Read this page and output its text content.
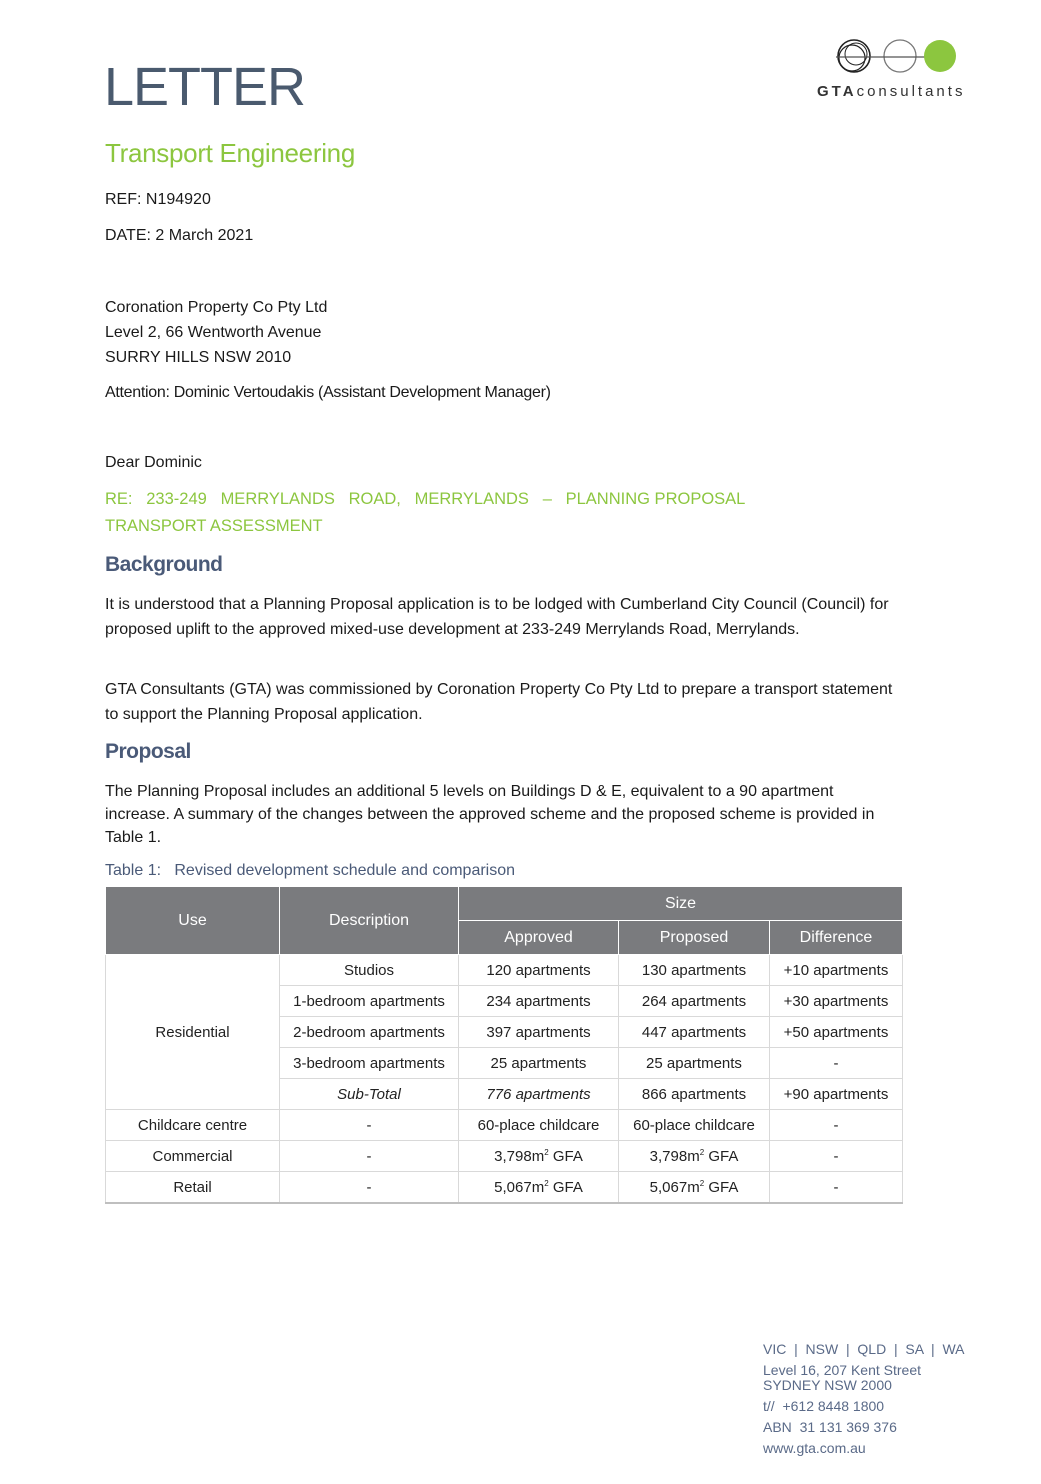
LETTER
Transport Engineering
GTAconsultants
REF: N194920
DATE: 2 March 2021
Coronation Property Co Pty Ltd
Level 2, 66 Wentworth Avenue
SURRY HILLS NSW 2010
Attention: Dominic Vertoudakis (Assistant Development Manager)
Dear Dominic
RE:   233-249   MERRYLANDS   ROAD,   MERRYLANDS   –   PLANNING PROPOSAL
TRANSPORT ASSESSMENT
Background
It is understood that a Planning Proposal application is to be lodged with Cumberland City Council (Council) for proposed uplift to the approved mixed-use development at 233-249 Merrylands Road, Merrylands.
GTA Consultants (GTA) was commissioned by Coronation Property Co Pty Ltd to prepare a transport statement to support the Planning Proposal application.
Proposal
The Planning Proposal includes an additional 5 levels on Buildings D & E, equivalent to a 90 apartment increase. A summary of the changes between the approved scheme and the proposed scheme is provided in Table 1.
Table 1:   Revised development schedule and comparison
Use	Description	Size		
		Approved	Proposed	Difference
Residential	Studios	120 apartments	130 apartments	+10 apartments
	1-bedroom apartments	234 apartments	264 apartments	+30 apartments
	2-bedroom apartments	397 apartments	447 apartments	+50 apartments
	3-bedroom apartments	25 apartments	25 apartments	-
	Sub-Total	776 apartments	866 apartments	+90 apartments
Childcare centre	-	60-place childcare	60-place childcare	-
Commercial	-	$3,798m^2$ GFA	$3,798m^2$ GFA	-
Retail	-	$5,067m^2$ GFA	$5,067m^2$ GFA	-
VIC  |  NSW  |  QLD  |  SA  |  WA
Level 16, 207 Kent Street
SYDNEY NSW 2000
t//  +612 8448 1800
ABN  31 131 369 376
www.gta.com.au
